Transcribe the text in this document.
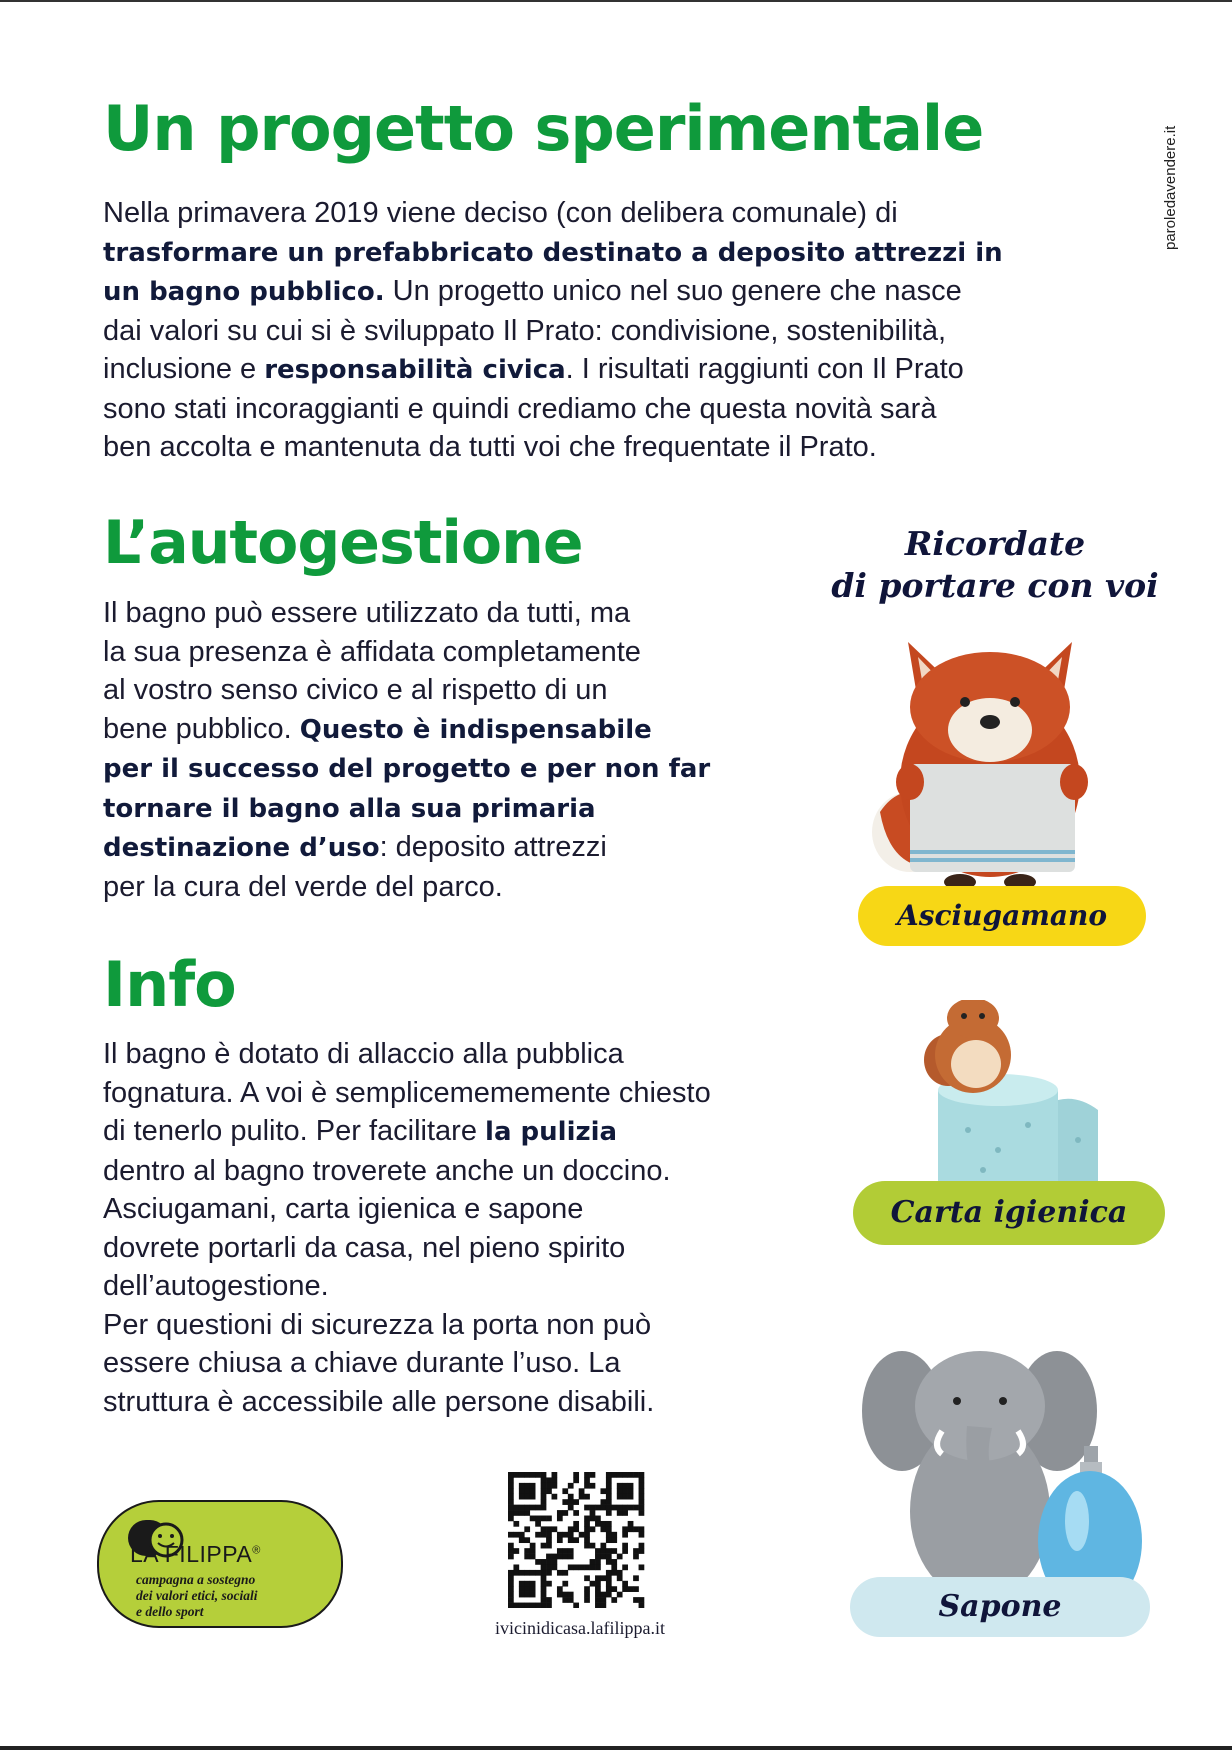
paroledavendere.it
Un progetto sperimentale

Nella primavera 2019 viene deciso (con delibera comunale) di
trasformare un prefabbricato destinato a deposito attrezzi in
un bagno pubblico. Un progetto unico nel suo genere che nasce
dai valori su cui si è sviluppato Il Prato: condivisione, sostenibilità,
inclusione e responsabilità civica. I risultati raggiunti con Il Prato
sono stati incoraggianti e quindi crediamo che questa novità sarà
ben accolta e mantenuta da tutti voi che frequentate il Prato.

L’autogestione

Il bagno può essere utilizzato da tutti, ma
la sua presenza è affidata completamente
al vostro senso civico e al rispetto di un
bene pubblico. Questo è indispensabile
per il successo del progetto e per non far
tornare il bagno alla sua primaria
destinazione d’uso: deposito attrezzi
per la cura del verde del parco.

Info

Il bagno è dotato di allaccio alla pubblica
fognatura. A voi è semplicemememente chiesto
di tenerlo pulito. Per facilitare la pulizia
dentro al bagno troverete anche un doccino.
Asciugamani, carta igienica e sapone
dovrete portarli da casa, nel pieno spirito
dell’autogestione.
Per questioni di sicurezza la porta non può
essere chiusa a chiave durante l’uso. La
struttura è accessibile alle persone disabili.

Ricordate
di portare con voi
Asciugamano
Carta igienica
Sapone
LA FILIPPA®
campagna a sostegno
dei valori etici, sociali
e dello sport
ivicinidicasa.lafilippa.it
